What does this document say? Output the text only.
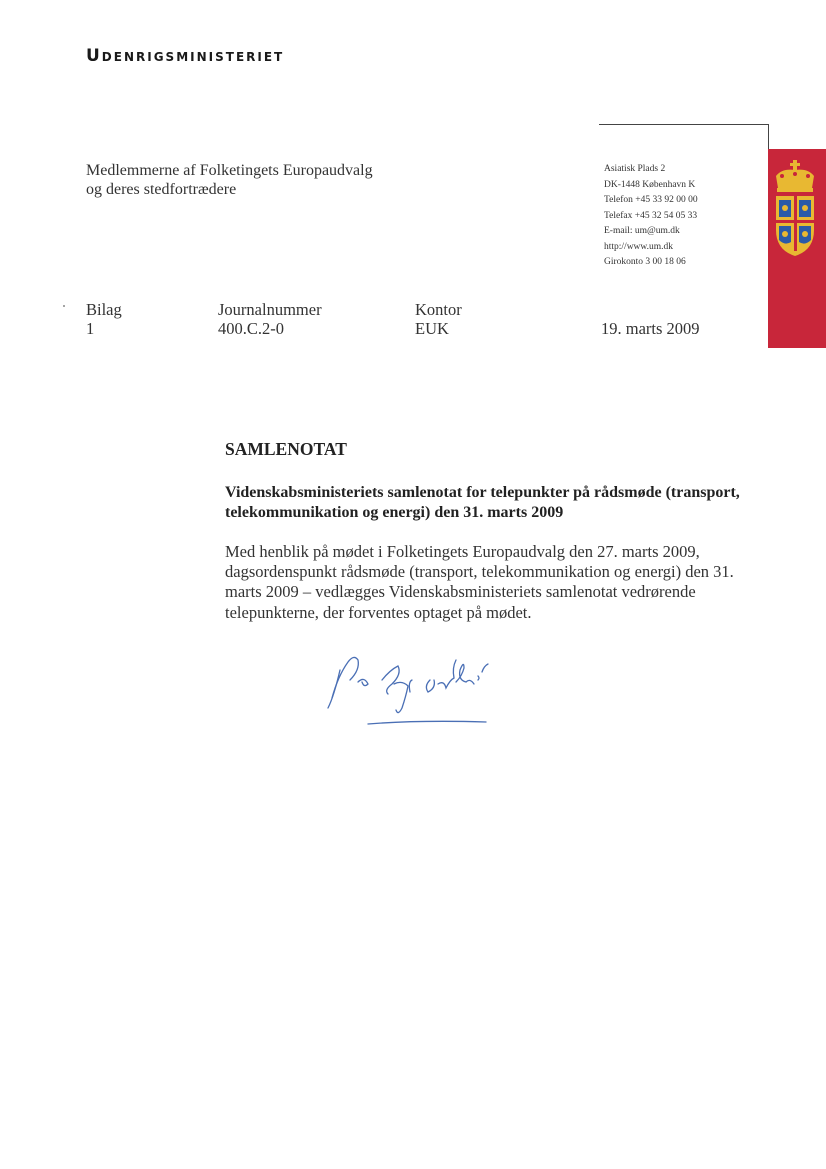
Udenrigsministeriet

Medlemmerne af Folketingets Europaudvalg

og deres stedfortrædere

Asiatisk Plads 2

DK-1448 København K

Telefon +45 33 92 00 00

Telefax +45 32 54 05 33

E-mail: um@um.dk

http://www.um.dk

Girokonto 3 00 18 06

Bilag

1

Journalnummer

400.C.2-0

Kontor

EUK	19. marts 2009
SAMLENOTAT
Videnskabsministeriets samlenotat for telepunkter på rådsmøde (transport, telekommunikation og energi) den 31. marts 2009
Med henblik på mødet i Folketingets Europaudvalg den 27. marts 2009, dagsordenspunkt rådsmøde (transport, telekommunikation og energi) den 31. marts 2009 – vedlægges Videnskabsministeriets samlenotat vedrørende telepunkterne, der forventes optaget på mødet.
